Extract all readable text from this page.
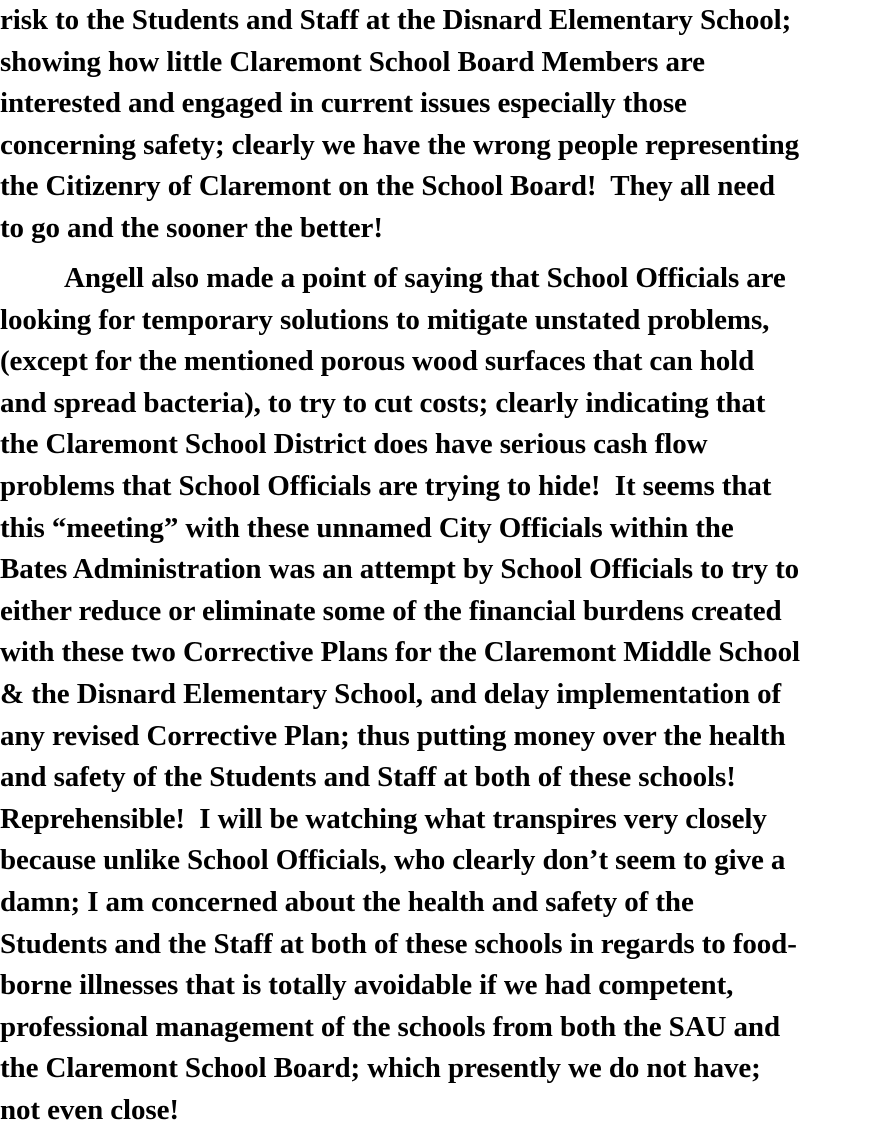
risk to the Students and Staff at the Disnard Elementary School;
showing how little Claremont School Board Members are
interested and engaged in current issues especially those
concerning safety; clearly we have the wrong people representing
the Citizenry of Claremont on the School Board!  They all need
to go and the sooner the better!
Angell also made a point of saying that School Officials are
looking for temporary solutions to mitigate unstated problems,
(except for the mentioned porous wood surfaces that can hold
and spread bacteria), to try to cut costs; clearly indicating that
the Claremont School District does have serious cash flow
problems that School Officials are trying to hide!  It seems that
this “meeting” with these unnamed City Officials within the
Bates Administration was an attempt by School Officials to try to
either reduce or eliminate some of the financial burdens created
with these two Corrective Plans for the Claremont Middle School
& the Disnard Elementary School, and delay implementation of
any revised Corrective Plan; thus putting money over the health
and safety of the Students and Staff at both of these schools!
Reprehensible!  I will be watching what transpires very closely
because unlike School Officials, who clearly don’t seem to give a
damn; I am concerned about the health and safety of the
Students and the Staff at both of these schools in regards to food-
borne illnesses that is totally avoidable if we had competent,
professional management of the schools from both the SAU and
the Claremont School Board; which presently we do not have;
not even close!
